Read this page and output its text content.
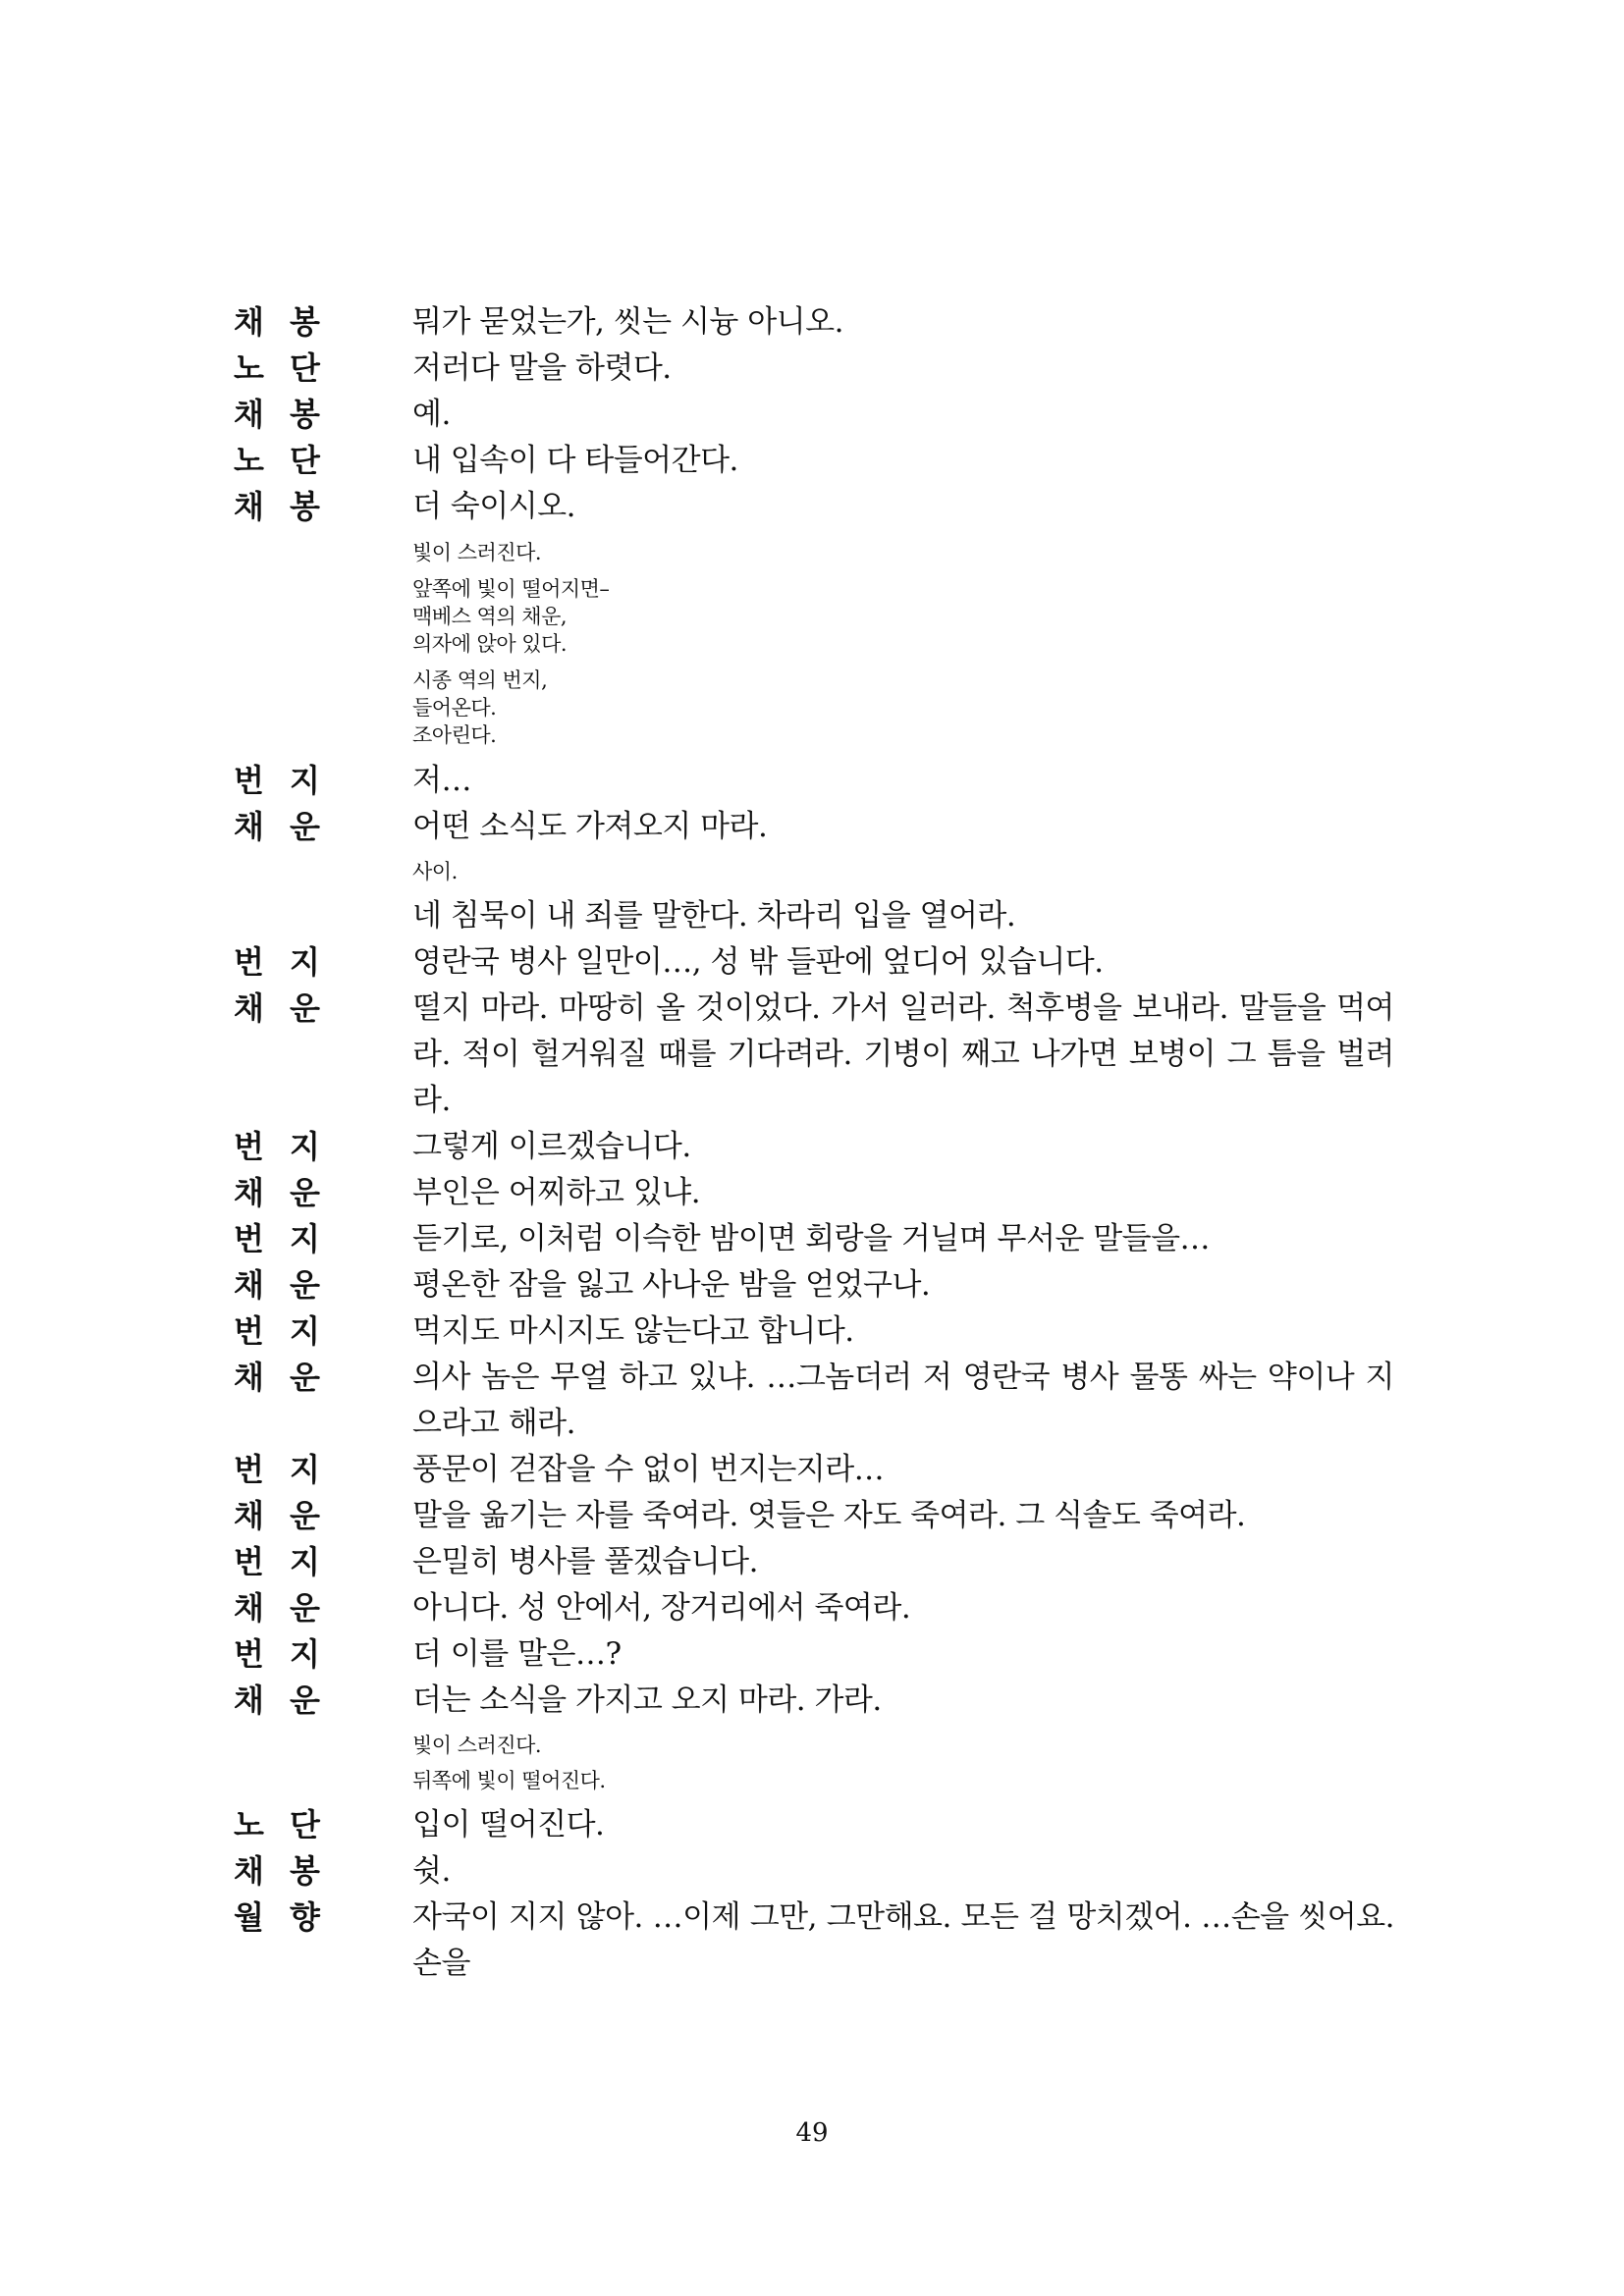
채 봉	뭐가 묻었는가, 씻는 시늉 아니오.
노 단	저러다 말을 하렷다.
채 봉	예.
노 단	내 입속이 다 타들어간다.
채 봉	더 숙이시오.

빛이 스러진다.

앞쪽에 빛이 떨어지면–

맥베스 역의 채운,

의자에 앉아 있다.

시종 역의 번지,

들어온다.

조아린다.

번 지	저…
채 운	어떤 소식도 가져오지 마라.

사이.

네 침묵이 내 죄를 말한다. 차라리 입을 열어라.
번 지	영란국 병사 일만이…, 성 밖 들판에 엎디어 있습니다.
채 운	떨지 마라. 마땅히 올 것이었다. 가서 일러라. 척후병을 보내라. 말들을 먹여라. 적이 헐거워질 때를 기다려라. 기병이 째고 나가면 보병이 그 틈을 벌려라.
번 지	그렇게 이르겠습니다.
채 운	부인은 어찌하고 있냐.
번 지	듣기로, 이처럼 이슥한 밤이면 회랑을 거닐며 무서운 말들을…
채 운	평온한 잠을 잃고 사나운 밤을 얻었구나.
번 지	먹지도 마시지도 않는다고 합니다.
채 운	의사 놈은 무얼 하고 있냐. …그놈더러 저 영란국 병사 물똥 싸는 약이나 지으라고 해라.
번 지	풍문이 걷잡을 수 없이 번지는지라…
채 운	말을 옮기는 자를 죽여라. 엿들은 자도 죽여라. 그 식솔도 죽여라.
번 지	은밀히 병사를 풀겠습니다.
채 운	아니다. 성 안에서, 장거리에서 죽여라.
번 지	더 이를 말은…?
채 운	더는 소식을 가지고 오지 마라. 가라.

빛이 스러진다.

뒤쪽에 빛이 떨어진다.

노 단	입이 떨어진다.
채 봉	쉿.
월 향	자국이 지지 않아. …이제 그만, 그만해요. 모든 걸 망치겠어. …손을 씻어요. 손을
49
